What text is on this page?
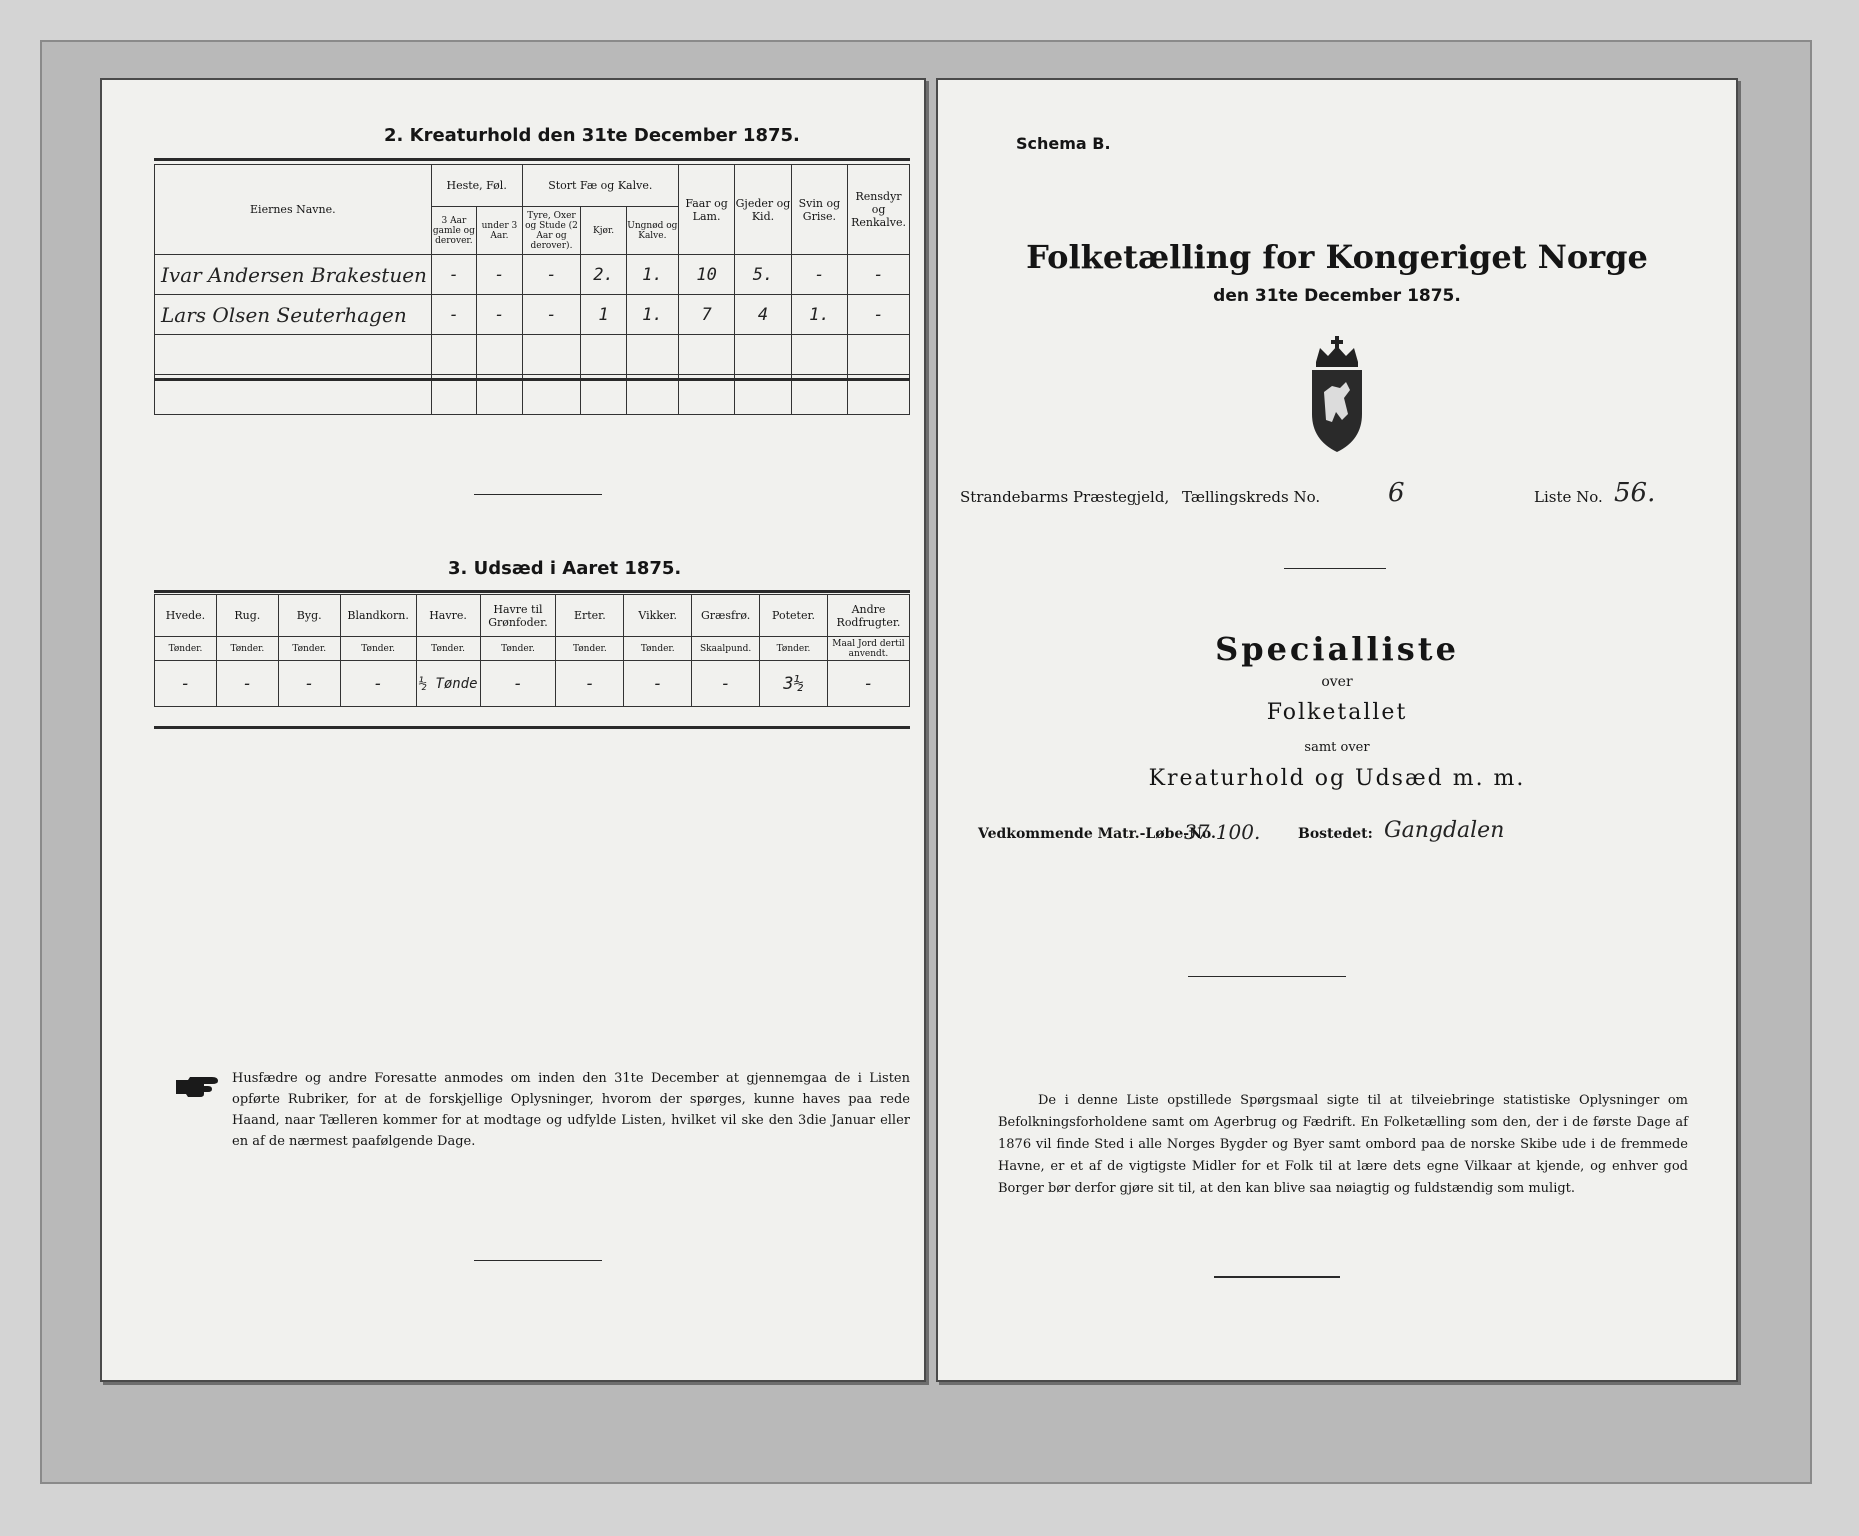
2. Kreaturhold den 31te December 1875.
Eiernes Navne.	Heste, Føl.		Stort Fæ og Kalve.			Faar og Lam.	Gjeder og Kid.	Svin og Grise.	Rensdyr og Renkalve.
	3 Aar gamle og derover.	under 3 Aar.	Tyre, Oxer og Stude (2 Aar og derover).	Kjør.	Ungnød og Kalve.				
Ivar Andersen Brakestuen	-	-	-	2.	1.	10	5.	-	-
Lars Olsen Seuterhagen	-	-	-	1	1.	7	4	1.	-

3. Udsæd i Aaret 1875.
Hvede.	Rug.	Byg.	Blandkorn.	Havre.	Havre til Grønfoder.	Erter.	Vikker.	Græsfrø.	Poteter.	Andre Rodfrugter.
Tønder.	Tønder.	Tønder.	Tønder.	Tønder.	Tønder.	Tønder.	Tønder.	Skaalpund.	Tønder.	Maal Jord dertil anvendt.
-	-	-	-	½ Tønde	-	-	-	-	3½	-
Husfædre og andre Foresatte anmodes om inden den 31te December at gjennemgaa de i Listen opførte Rubriker, for at de forskjellige Oplysninger, hvorom der spørges, kunne haves paa rede Haand, naar Tælleren kommer for at modtage og udfylde Listen, hvilket vil ske den 3die Januar eller en af de nærmest paafølgende Dage.
Schema B.
Folketælling for Kongeriget Norge
den 31te December 1875.
Strandebarms Præstegjeld, Tællingskreds No.	6	Liste No. 56.
Specialliste
over
Folketallet
samt over
Kreaturhold og Udsæd m. m.
Vedkommende Matr.-Løbe-No.
37 100.	Bostedet: Gangdalen
De i denne Liste opstillede Spørgsmaal sigte til at tilveiebringe statistiske Oplysninger om Befolkningsforholdene samt om Agerbrug og Fædrift. En Folketælling som den, der i de første Dage af 1876 vil finde Sted i alle Norges Bygder og Byer samt ombord paa de norske Skibe ude i de fremmede Havne, er et af de vigtigste Midler for et Folk til at lære dets egne Vilkaar at kjende, og enhver god Borger bør derfor gjøre sit til, at den kan blive saa nøiagtig og fuldstændig som muligt.
